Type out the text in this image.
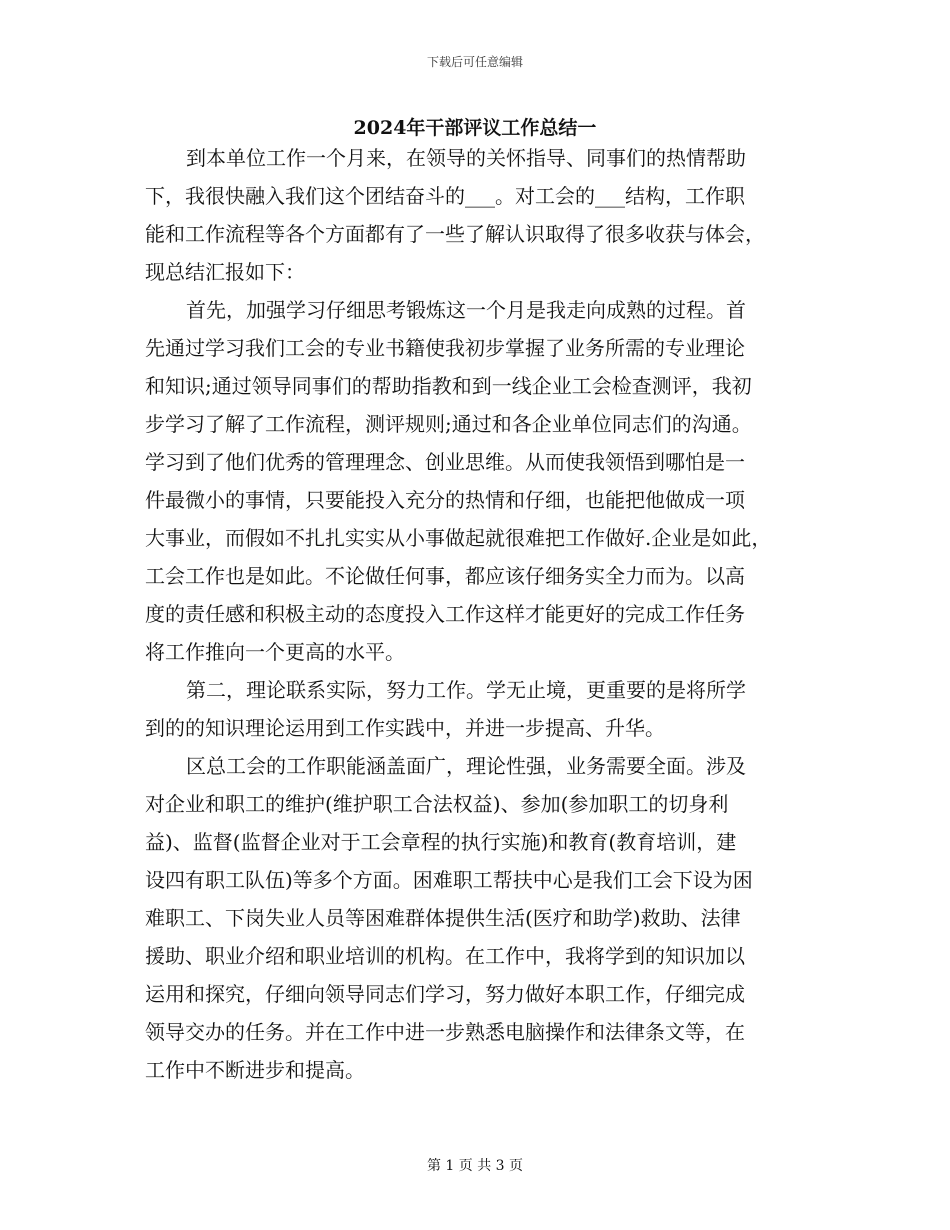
下载后可任意编辑
2024年干部评议工作总结一
到本单位工作一个月来，在领导的关怀指导、同事们的热情帮助
下，我很快融入我们这个团结奋斗的___。对工会的___结构，工作职
能和工作流程等各个方面都有了一些了解认识取得了很多收获与体会，
现总结汇报如下：
首先，加强学习仔细思考锻炼这一个月是我走向成熟的过程。首
先通过学习我们工会的专业书籍使我初步掌握了业务所需的专业理论
和知识;通过领导同事们的帮助指教和到一线企业工会检查测评，我初
步学习了解了工作流程，测评规则;通过和各企业单位同志们的沟通。
学习到了他们优秀的管理理念、创业思维。从而使我领悟到哪怕是一
件最微小的事情，只要能投入充分的热情和仔细，也能把他做成一项
大事业，而假如不扎扎实实从小事做起就很难把工作做好.企业是如此，
工会工作也是如此。不论做任何事，都应该仔细务实全力而为。以高
度的责任感和积极主动的态度投入工作这样才能更好的完成工作任务
将工作推向一个更高的水平。
第二，理论联系实际，努力工作。学无止境，更重要的是将所学
到的的知识理论运用到工作实践中，并进一步提高、升华。
区总工会的工作职能涵盖面广，理论性强，业务需要全面。涉及
对企业和职工的维护(维护职工合法权益)、参加(参加职工的切身利
益)、监督(监督企业对于工会章程的执行实施)和教育(教育培训，建
设四有职工队伍)等多个方面。困难职工帮扶中心是我们工会下设为困
难职工、下岗失业人员等困难群体提供生活(医疗和助学)救助、法律
援助、职业介绍和职业培训的机构。在工作中，我将学到的知识加以
运用和探究，仔细向领导同志们学习，努力做好本职工作，仔细完成
领导交办的任务。并在工作中进一步熟悉电脑操作和法律条文等，在
工作中不断进步和提高。
第 1 页 共 3 页
